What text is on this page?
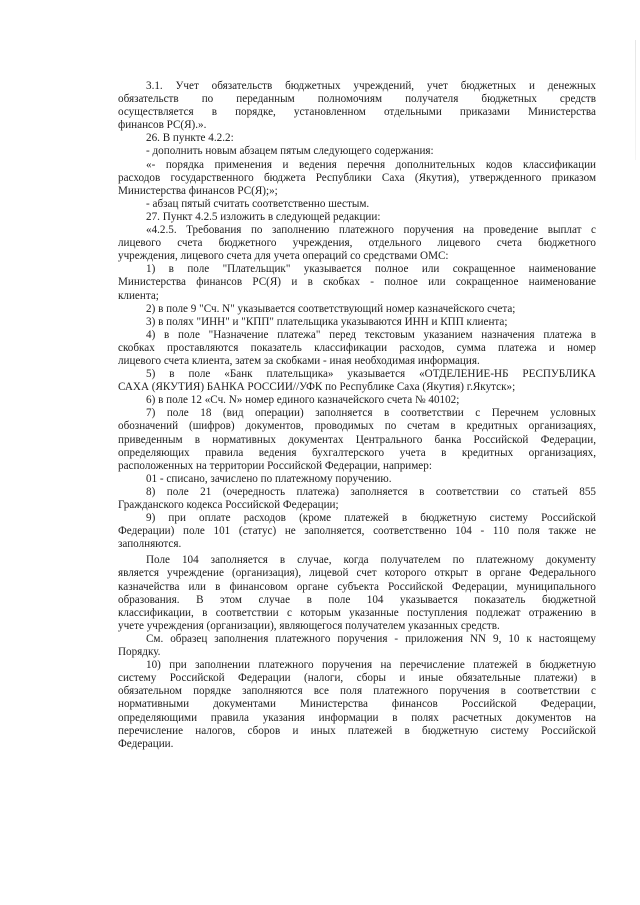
3.1. Учет обязательств бюджетных учреждений, учет бюджетных и денежных
обязательств по переданным полномочиям получателя бюджетных средств
осуществляется в порядке, установленном отдельными приказами Министерства
финансов РС(Я).».

26. В пункте 4.2.2:

- дополнить новым абзацем пятым следующего содержания:

«- порядка применения и ведения перечня дополнительных кодов классификации
расходов государственного бюджета Республики Саха (Якутия), утвержденного приказом
Министерства финансов РС(Я);»;

- абзац пятый считать соответственно шестым.

27. Пункт 4.2.5 изложить в следующей редакции:

«4.2.5. Требования по заполнению платежного поручения на проведение выплат с
лицевого счета бюджетного учреждения, отдельного лицевого счета бюджетного
учреждения, лицевого счета для учета операций со средствами ОМС:

1) в поле "Плательщик" указывается полное или сокращенное наименование
Министерства финансов РС(Я) и в скобках - полное или сокращенное наименование
клиента;

2) в поле 9 "Сч. N" указывается соответствующий номер казначейского счета;

3) в полях "ИНН" и "КПП" плательщика указываются ИНН и КПП клиента;

4) в поле "Назначение платежа" перед текстовым указанием назначения платежа в
скобках проставляются показатель классификации расходов, сумма платежа и номер
лицевого счета клиента, затем за скобками - иная необходимая информация.

5) в поле «Банк плательщика» указывается «ОТДЕЛЕНИЕ-НБ РЕСПУБЛИКА
САХА (ЯКУТИЯ) БАНКА РОССИИ//УФК по Республике Саха (Якутия) г.Якутск»;

6) в поле 12 «Сч. N» номер единого казначейского счета № 40102;

7) поле 18 (вид операции) заполняется в соответствии с Перечнем условных
обозначений (шифров) документов, проводимых по счетам в кредитных организациях,
приведенным в нормативных документах Центрального банка Российской Федерации,
определяющих правила ведения бухгалтерского учета в кредитных организациях,
расположенных на территории Российской Федерации, например:

01 - списано, зачислено по платежному поручению.

8) поле 21 (очередность платежа) заполняется в соответствии со статьей 855
Гражданского кодекса Российской Федерации;

9) при оплате расходов (кроме платежей в бюджетную систему Российской
Федерации) поле 101 (статус) не заполняется, соответственно 104 - 110 поля также не
заполняются.

Поле 104 заполняется в случае, когда получателем по платежному документу
является учреждение (организация), лицевой счет которого открыт в органе Федерального
казначейства или в финансовом органе субъекта Российской Федерации, муниципального
образования. В этом случае в поле 104 указывается показатель бюджетной
классификации, в соответствии с которым указанные поступления подлежат отражению в
учете учреждения (организации), являющегося получателем указанных средств.

См. образец заполнения платежного поручения - приложения NN 9, 10 к настоящему
Порядку.

10) при заполнении платежного поручения на перечисление платежей в бюджетную
систему Российской Федерации (налоги, сборы и иные обязательные платежи) в
обязательном порядке заполняются все поля платежного поручения в соответствии с
нормативными документами Министерства финансов Российской Федерации,
определяющими правила указания информации в полях расчетных документов на
перечисление налогов, сборов и иных платежей в бюджетную систему Российской
Федерации.
